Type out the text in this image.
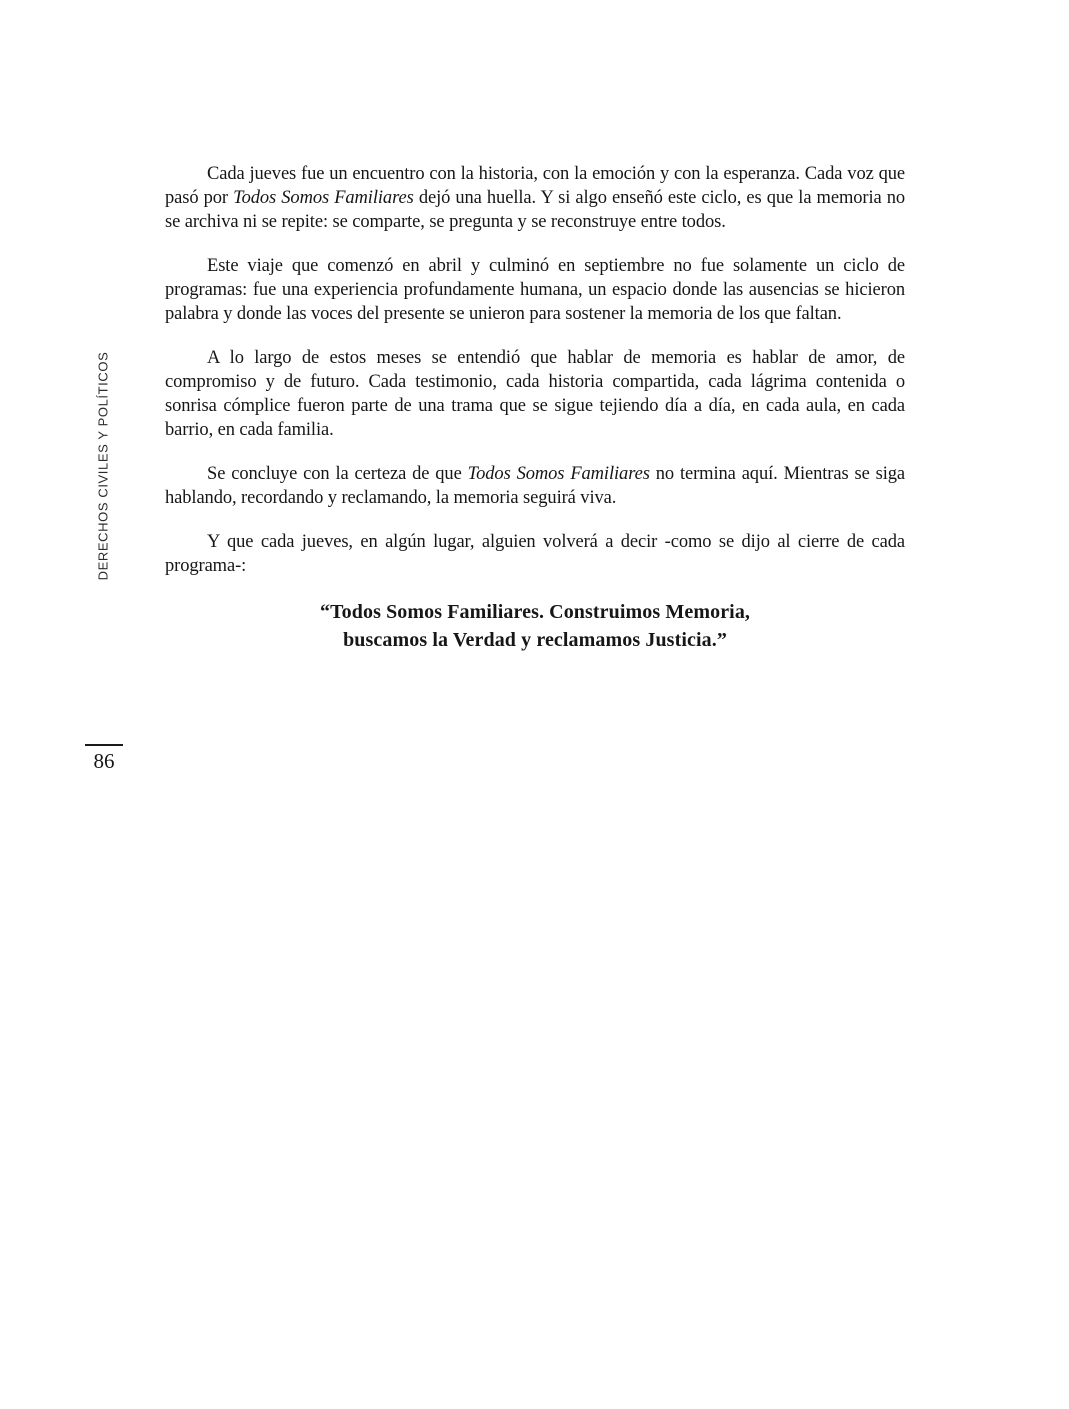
DERECHOS CIVILES Y POLÍTICOS

Cada jueves fue un encuentro con la historia, con la emoción y con la esperanza. Cada voz que pasó por Todos Somos Familiares dejó una huella. Y si algo enseñó este ciclo, es que la memoria no se archiva ni se repite: se comparte, se pregunta y se reconstruye entre todos.

Este viaje que comenzó en abril y culminó en septiembre no fue solamente un ciclo de programas: fue una experiencia profundamente humana, un espacio donde las ausencias se hicieron palabra y donde las voces del presente se unieron para sostener la memoria de los que faltan.

A lo largo de estos meses se entendió que hablar de memoria es hablar de amor, de compromiso y de futuro. Cada testimonio, cada historia compartida, cada lágrima contenida o sonrisa cómplice fueron parte de una trama que se sigue tejiendo día a día, en cada aula, en cada barrio, en cada familia.

Se concluye con la certeza de que Todos Somos Familiares no termina aquí. Mientras se siga hablando, recordando y reclamando, la memoria seguirá viva.

Y que cada jueves, en algún lugar, alguien volverá a decir -como se dijo al cierre de cada programa-:

“Todos Somos Familiares. Construimos Memoria,
buscamos la Verdad y reclamamos Justicia.”
86
